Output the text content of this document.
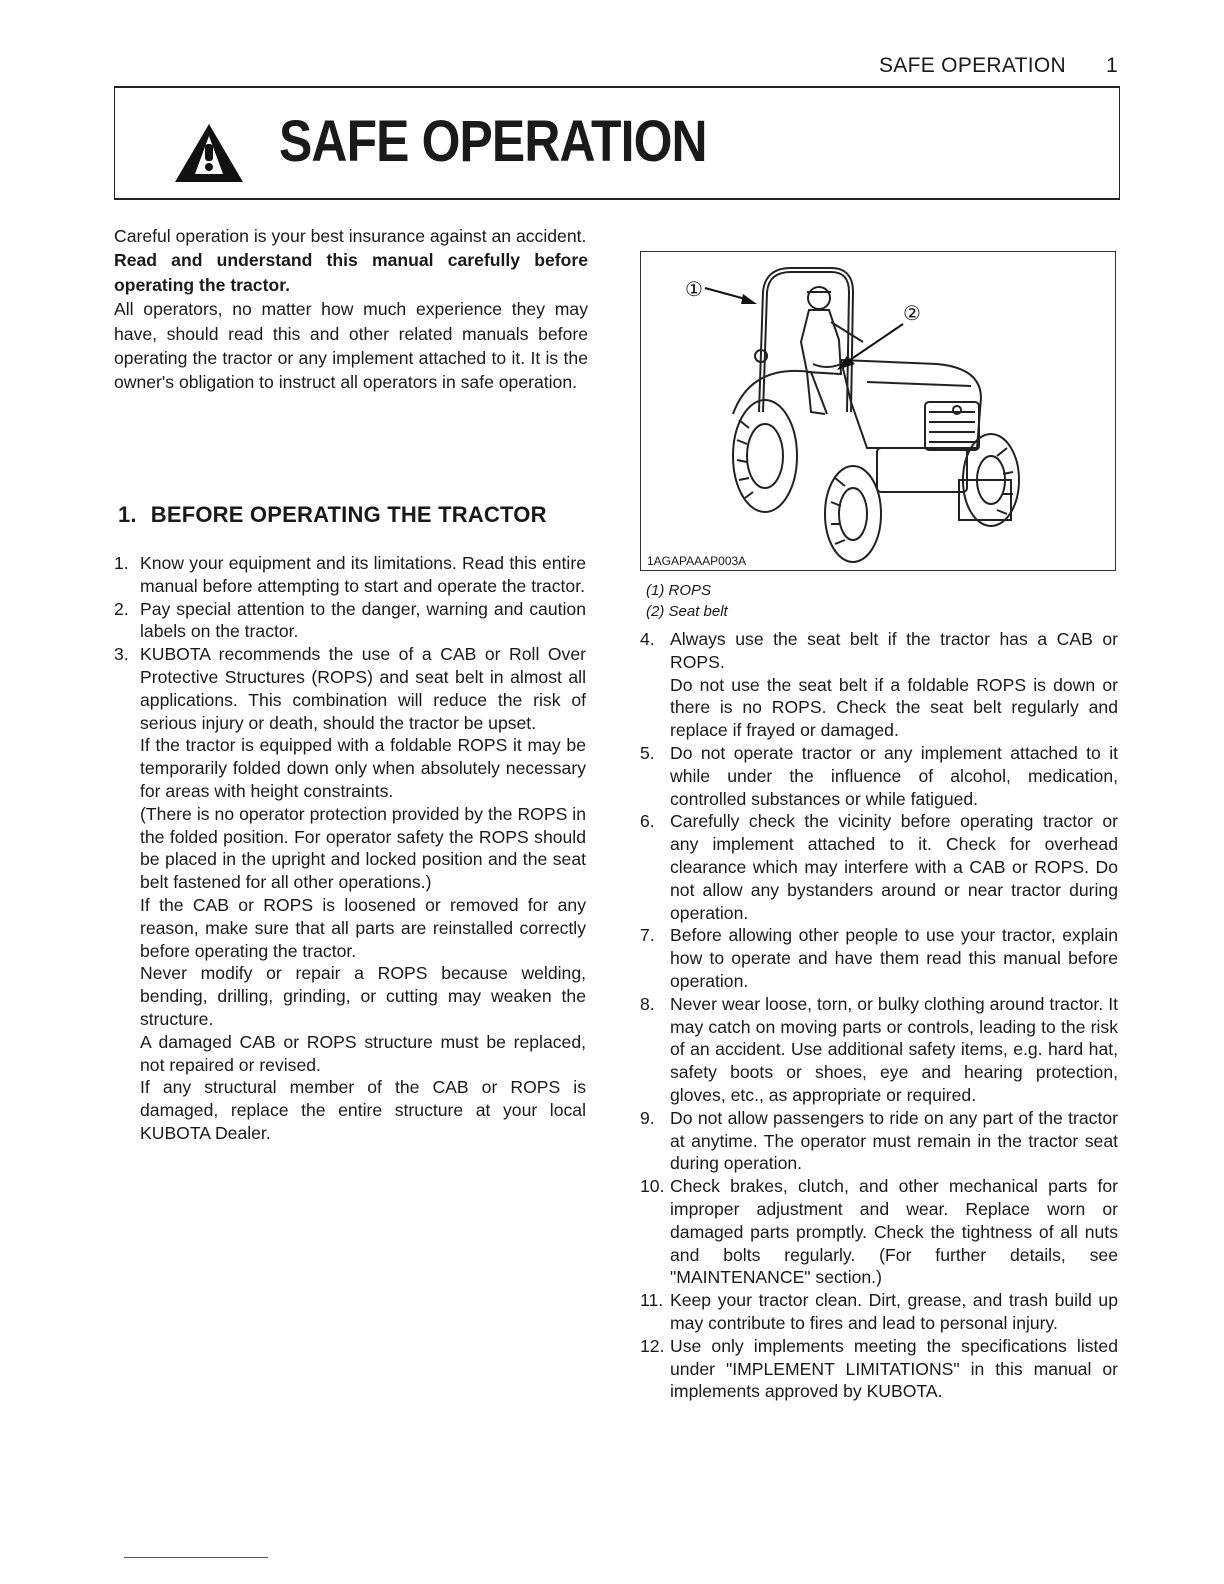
SAFE OPERATION 1
SAFE OPERATION

Careful operation is your best insurance against an accident.

Read and understand this manual carefully before operating the tractor.

All operators, no matter how much experience they may have, should read this and other related manuals before operating the tractor or any implement attached to it. It is the owner's obligation to instruct all operators in safe operation.

1. BEFORE OPERATING THE TRACTOR
1. Know your equipment and its limitations. Read this entire manual before attempting to start and operate the tractor.
2. Pay special attention to the danger, warning and caution labels on the tractor.
3. KUBOTA recommends the use of a CAB or Roll Over Protective Structures (ROPS) and seat belt in almost all applications. This combination will reduce the risk of serious injury or death, should the tractor be upset.
If the tractor is equipped with a foldable ROPS it may be temporarily folded down only when absolutely necessary for areas with height constraints.
(There is no operator protection provided by the ROPS in the folded position. For operator safety the ROPS should be placed in the upright and locked position and the seat belt fastened for all other operations.)
If the CAB or ROPS is loosened or removed for any reason, make sure that all parts are reinstalled correctly before operating the tractor.
Never modify or repair a ROPS because welding, bending, drilling, grinding, or cutting may weaken the structure.
A damaged CAB or ROPS structure must be replaced, not repaired or revised.
If any structural member of the CAB or ROPS is damaged, replace the entire structure at your local KUBOTA Dealer.
①
②
1AGAPAAAP003A
(1) ROPS
(2) Seat belt
4. Always use the seat belt if the tractor has a CAB or ROPS.
Do not use the seat belt if a foldable ROPS is down or there is no ROPS. Check the seat belt regularly and replace if frayed or damaged.
5. Do not operate tractor or any implement attached to it while under the influence of alcohol, medication, controlled substances or while fatigued.
6. Carefully check the vicinity before operating tractor or any implement attached to it. Check for overhead clearance which may interfere with a CAB or ROPS. Do not allow any bystanders around or near tractor during operation.
7. Before allowing other people to use your tractor, explain how to operate and have them read this manual before operation.
8. Never wear loose, torn, or bulky clothing around tractor. It may catch on moving parts or controls, leading to the risk of an accident. Use additional safety items, e.g. hard hat, safety boots or shoes, eye and hearing protection, gloves, etc., as appropriate or required.
9. Do not allow passengers to ride on any part of the tractor at anytime. The operator must remain in the tractor seat during operation.
10. Check brakes, clutch, and other mechanical parts for improper adjustment and wear. Replace worn or damaged parts promptly. Check the tightness of all nuts and bolts regularly. (For further details, see "MAINTENANCE" section.)
11. Keep your tractor clean. Dirt, grease, and trash build up may contribute to fires and lead to personal injury.
12. Use only implements meeting the specifications listed under "IMPLEMENT LIMITATIONS" in this manual or implements approved by KUBOTA.
